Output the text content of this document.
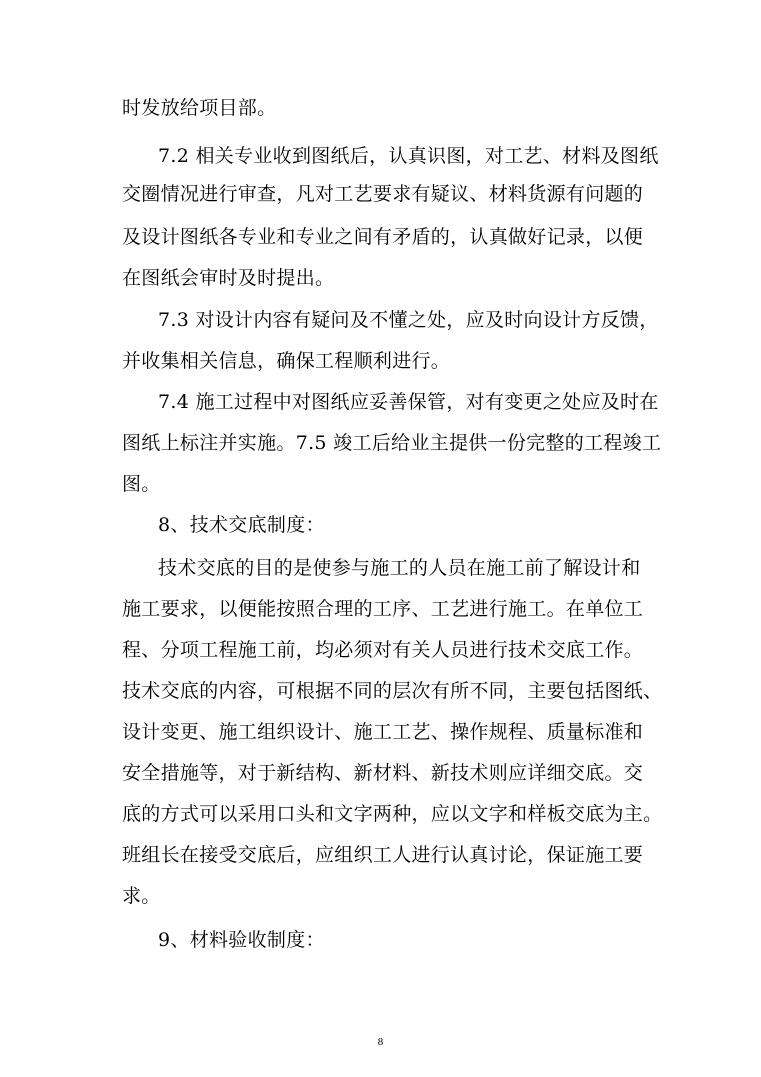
时发放给项目部。
7.2 相关专业收到图纸后，认真识图，对工艺、材料及图纸
交圈情况进行审查，凡对工艺要求有疑议、材料货源有问题的
及设计图纸各专业和专业之间有矛盾的，认真做好记录，以便
在图纸会审时及时提出。
7.3 对设计内容有疑问及不懂之处，应及时向设计方反馈，
并收集相关信息，确保工程顺利进行。
7.4 施工过程中对图纸应妥善保管，对有变更之处应及时在
图纸上标注并实施。7.5 竣工后给业主提供一份完整的工程竣工
图。
8、技术交底制度：
技术交底的目的是使参与施工的人员在施工前了解设计和
施工要求，以便能按照合理的工序、工艺进行施工。在单位工
程、分项工程施工前，均必须对有关人员进行技术交底工作。
技术交底的内容，可根据不同的层次有所不同，主要包括图纸、
设计变更、施工组织设计、施工工艺、操作规程、质量标准和
安全措施等，对于新结构、新材料、新技术则应详细交底。交
底的方式可以采用口头和文字两种，应以文字和样板交底为主。
班组长在接受交底后，应组织工人进行认真讨论，保证施工要
求。
9、材料验收制度：
8
